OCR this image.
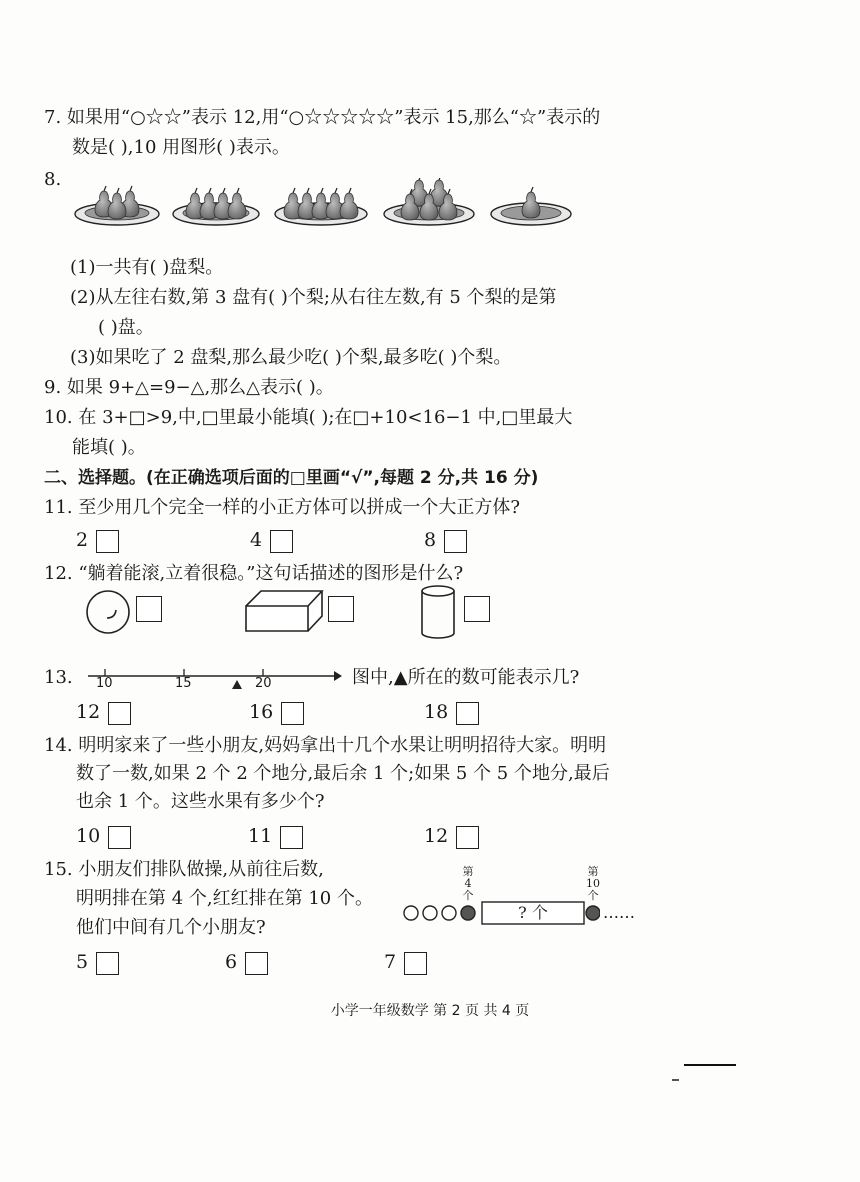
7. 如果用“○☆☆”表示 12,用“○☆☆☆☆☆”表示 15,那么“☆”表示的
数是( ),10 用图形( )表示。
8.
(1)一共有( )盘梨。
(2)从左往右数,第 3 盘有( )个梨;从右往左数,有 5 个梨的是第
( )盘。
(3)如果吃了 2 盘梨,那么最少吃( )个梨,最多吃( )个梨。
9. 如果 9+△=9−△,那么△表示( )。
10. 在 3+□>9,中,□里最小能填( );在□+10<16−1 中,□里最大
能填( )。
二、选择题。(在正确选项后面的□里画“√”,每题 2 分,共 16 分)
11. 至少用几个完全一样的小正方体可以拼成一个大正方体?
2	4	8
12. “躺着能滚,立着很稳。”这句话描述的图形是什么?
13. 10	15	20	图中,▲所在的数可能表示几?
12	16	18
14. 明明家来了一些小朋友,妈妈拿出十几个水果让明明招待大家。明明
数了一数,如果 2 个 2 个地分,最后余 1 个;如果 5 个 5 个地分,最后
也余 1 个。这些水果有多少个?
10	11	12
15. 小朋友们排队做操,从前往后数,
明明排在第 4 个,红红排在第 10 个。
他们中间有几个小朋友?
第
4
个
第
10
个
? 个	……
5	6	7
小学一年级数学 第 2 页 共 4 页
